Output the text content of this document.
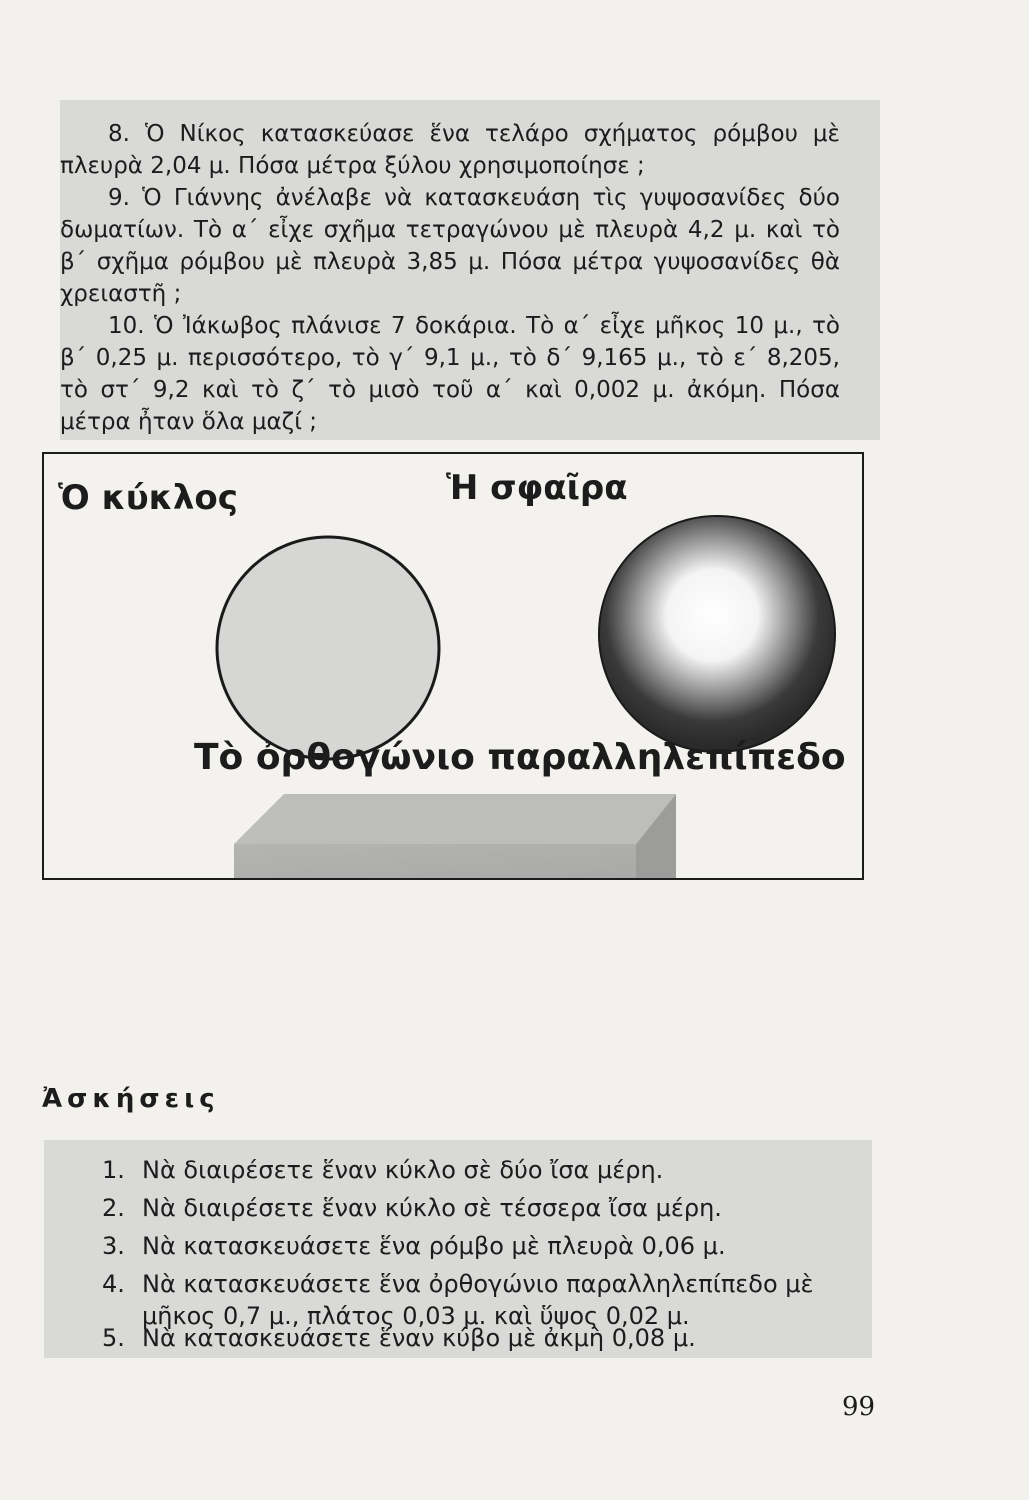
8. Ὁ Νίκος κατασκεύασε ἕνα τελάρο σχήματος ρόμβου μὲ πλευρὰ 2,04 μ. Πόσα μέτρα ξύλου χρησιμοποίησε ;
9. Ὁ Γιάννης ἀνέλαβε νὰ κατασκευάση τὶς γυψοσανίδες δύο δωματίων. Τὸ α΄ εἶχε σχῆμα τετραγώνου μὲ πλευρὰ 4,2 μ. καὶ τὸ β΄ σχῆμα ρόμβου μὲ πλευρὰ 3,85 μ. Πόσα μέτρα γυψοσανίδες θὰ χρειαστῆ ;
10. Ὁ Ἰάκωβος πλάνισε 7 δοκάρια. Τὸ α΄ εἶχε μῆκος 10 μ., τὸ β΄ 0,25 μ. περισσότερο, τὸ γ΄ 9,1 μ., τὸ δ΄ 9,165 μ., τὸ ε΄ 8,205, τὸ στ΄ 9,2 καὶ τὸ ζ΄ τὸ μισὸ τοῦ α΄ καὶ 0,002 μ. ἀκόμη. Πόσα μέτρα ἦταν ὅλα μαζί ;
Ὁ κύκλος	Ἡ σφαῖρα
Τὸ ὀρθογώνιο παραλληλεπίπεδο
Ἀσκήσεις
1. Νὰ διαιρέσετε ἕναν κύκλο σὲ δύο ἴσα μέρη.
2. Νὰ διαιρέσετε ἕναν κύκλο σὲ τέσσερα ἴσα μέρη.
3. Νὰ κατασκευάσετε ἕνα ρόμβο μὲ πλευρὰ 0,06 μ.
4. Νὰ κατασκευάσετε ἕνα ὀρθογώνιο παραλληλεπίπεδο μὲ
μῆκος 0,7 μ., πλάτος 0,03 μ. καὶ ὕψος 0,02 μ.
5. Νὰ κατασκευάσετε ἕναν κύβο μὲ ἀκμὴ 0,08 μ.
99
